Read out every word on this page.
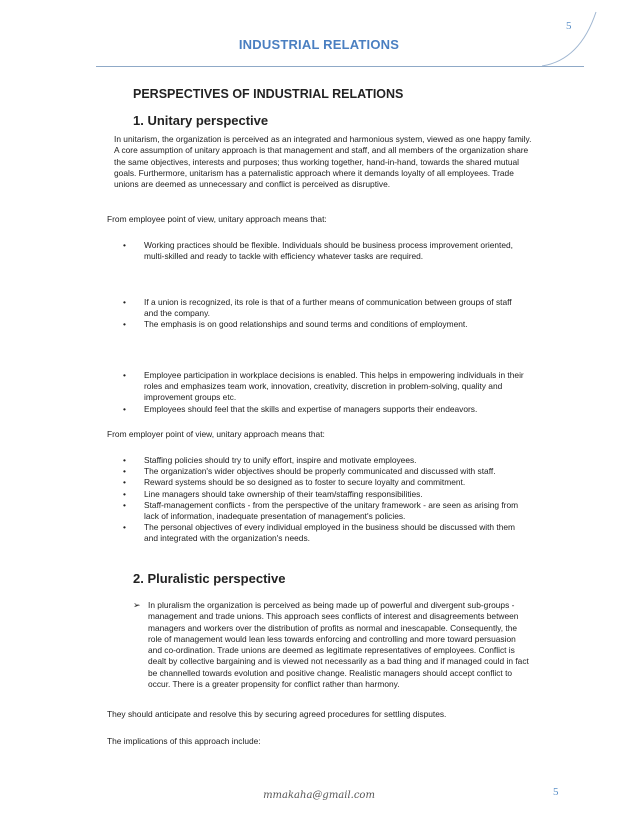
5
INDUSTRIAL RELATIONS
PERSPECTIVES OF INDUSTRIAL RELATIONS
1. Unitary perspective

In unitarism, the organization is perceived as an integrated and harmonious system, viewed as one happy family. A core assumption of unitary approach is that management and staff, and all members of the organization share the same objectives, interests and purposes; thus working together, hand-in-hand, towards the shared mutual goals. Furthermore, unitarism has a paternalistic approach where it demands loyalty of all employees. Trade unions are deemed as unnecessary and conflict is perceived as disruptive.

From employee point of view, unitary approach means that:

• Working practices should be flexible. Individuals should be business process improvement oriented, multi-skilled and ready to tackle with efficiency whatever tasks are required.
• If a union is recognized, its role is that of a further means of communication between groups of staff and the company.
• The emphasis is on good relationships and sound terms and conditions of employment.
• Employee participation in workplace decisions is enabled. This helps in empowering individuals in their roles and emphasizes team work, innovation, creativity, discretion in problem-solving, quality and improvement groups etc.
• Employees should feel that the skills and expertise of managers supports their endeavors.

From employer point of view, unitary approach means that:

• Staffing policies should try to unify effort, inspire and motivate employees.
• The organization's wider objectives should be properly communicated and discussed with staff.
• Reward systems should be so designed as to foster to secure loyalty and commitment.
• Line managers should take ownership of their team/staffing responsibilities.
• Staff-management conflicts - from the perspective of the unitary framework - are seen as arising from lack of information, inadequate presentation of management's policies.
• The personal objectives of every individual employed in the business should be discussed with them and integrated with the organization's needs.
2. Pluralistic perspective
➢ In pluralism the organization is perceived as being made up of powerful and divergent sub-groups - management and trade unions. This approach sees conflicts of interest and disagreements between managers and workers over the distribution of profits as normal and inescapable. Consequently, the role of management would lean less towards enforcing and controlling and more toward persuasion and co-ordination. Trade unions are deemed as legitimate representatives of employees. Conflict is dealt by collective bargaining and is viewed not necessarily as a bad thing and if managed could in fact be channelled towards evolution and positive change. Realistic managers should accept conflict to occur. There is a greater propensity for conflict rather than harmony.

They should anticipate and resolve this by securing agreed procedures for settling disputes.

The implications of this approach include:

mmakaha@gmail.com	5
